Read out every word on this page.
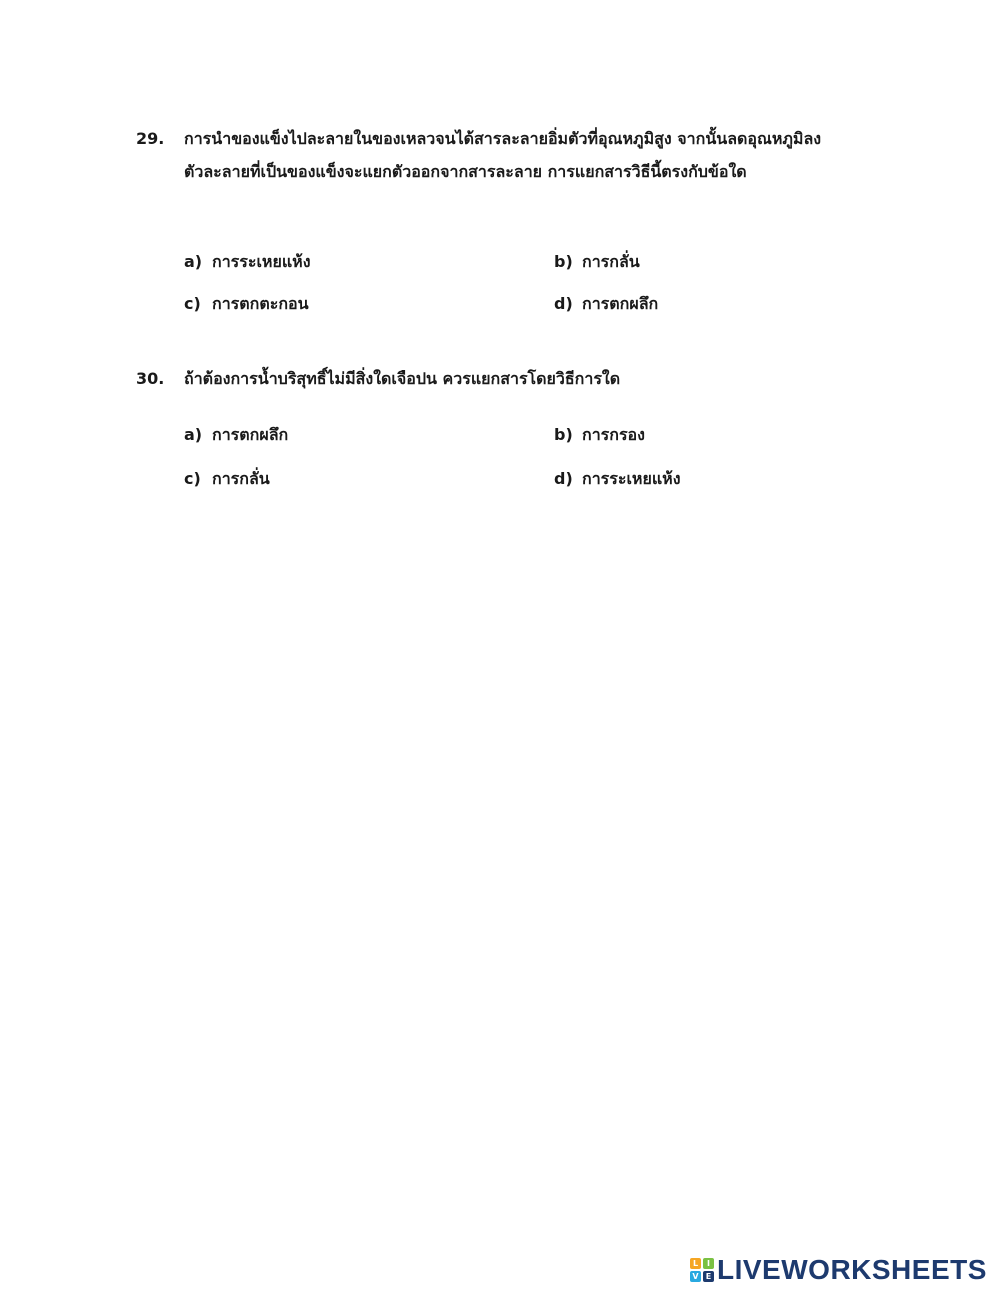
29. การนำของแข็งไปละลายในของเหลวจนได้สารละลายอิ่มตัวที่อุณหภูมิสูง จากนั้นลดอุณหภูมิลง
ตัวละลายที่เป็นของแข็งจะแยกตัวออกจากสารละลาย การแยกสารวิธีนี้ตรงกับข้อใด
a) การระเหยแห้ง	b) การกลั่น
c) การตกตะกอน	d) การตกผลึก
30. ถ้าต้องการน้ำบริสุทธิ์ไม่มีสิ่งใดเจือปน ควรแยกสารโดยวิธีการใด
a) การตกผลึก	b) การกรอง
c) การกลั่น	d) การระเหยแห้ง
L	I
V E LIVEWORKSHEETS
